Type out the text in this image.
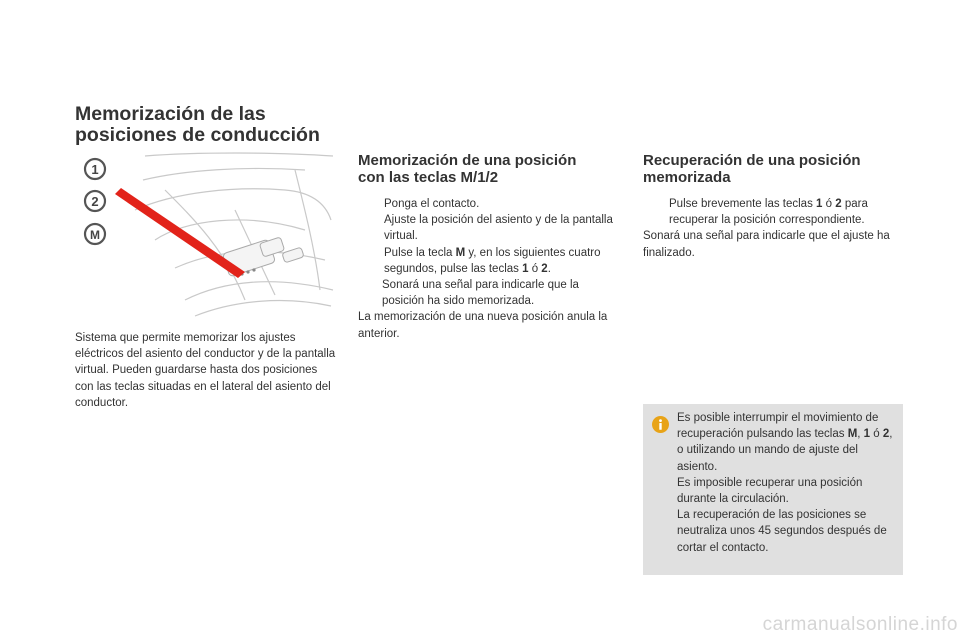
Memorización de las
posiciones de conducción
1
2
M
Sistema que permite memorizar los ajustes eléctricos del asiento del conductor y de la pantalla virtual. Pueden guardarse hasta dos posiciones con las teclas situadas en el lateral del asiento del conductor.
Memorización de una posición
con las teclas M/1/2
Ponga el contacto.
Ajuste la posición del asiento y de la pantalla virtual.
Pulse la tecla M y, en los siguientes cuatro segundos, pulse las teclas 1 ó 2.
Sonará una señal para indicarle que la posición ha sido memorizada.
La memorización de una nueva posición anula la anterior.
Recuperación de una posición
memorizada
Pulse brevemente las teclas 1 ó 2 para recuperar la posición correspondiente.
Sonará una señal para indicarle que el ajuste ha finalizado.
Es posible interrumpir el movimiento de recuperación pulsando las teclas M, 1 ó 2, o utilizando un mando de ajuste del asiento.
Es imposible recuperar una posición durante la circulación.
La recuperación de las posiciones se neutraliza unos 45 segundos después de cortar el contacto.
carmanualsonline.info
